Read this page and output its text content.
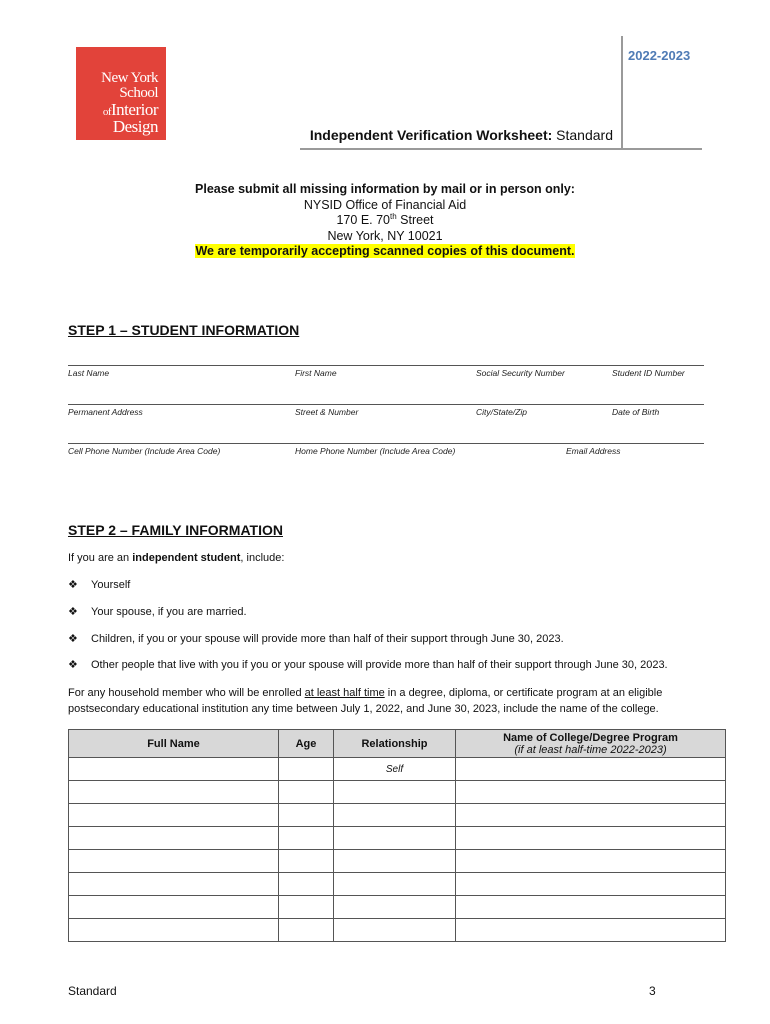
New York
School
ofInterior
Design
2022-2023
Independent Verification Worksheet: Standard
Please submit all missing information by mail or in person only:
NYSID Office of Financial Aid
170 E. 70th Street
New York, NY 10021
We are temporarily accepting scanned copies of this document.
STEP 1 – STUDENT INFORMATION
Last Name	First Name	Social Security Number	Student ID Number
Permanent Address	Street & Number	City/State/Zip	Date of Birth
Cell Phone Number (Include Area Code)	Home Phone Number (Include Area Code)	Email Address
STEP 2 – FAMILY INFORMATION
If you are an independent student, include:
❖ Yourself
❖ Your spouse, if you are married.
❖ Children, if you or your spouse will provide more than half of their support through June 30, 2023.
❖ Other people that live with you if you or your spouse will provide more than half of their support through June 30, 2023.
For any household member who will be enrolled at least half time in a degree, diploma, or certificate program at an eligible postsecondary educational institution any time between July 1, 2022, and June 30, 2023, include the name of the college.
Full Name	Age	Relationship	Name of College/Degree Program
(if at least half-time 2022-2023)

		Self	

Standard	3
